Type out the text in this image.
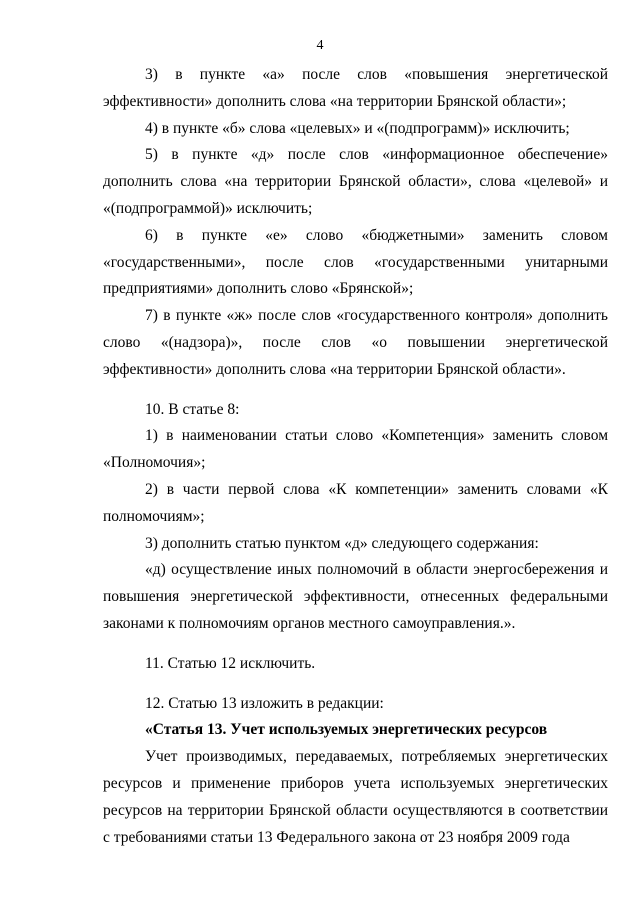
4

3) в пункте «а» после слов «повышения энергетической эффективности» дополнить слова «на территории Брянской области»;

4) в пункте «б» слова «целевых» и «(подпрограмм)» исключить;

5) в пункте «д» после слов «информационное обеспечение» дополнить слова «на территории Брянской области», слова «целевой» и «(подпрограммой)» исключить;

6) в пункте «е» слово «бюджетными» заменить словом «государственными», после слов «государственными унитарными предприятиями» дополнить слово «Брянской»;

7) в пункте «ж» после слов «государственного контроля» дополнить слово «(надзора)», после слов «о повышении энергетической эффективности» дополнить слова «на территории Брянской области».

10. В статье 8:

1) в наименовании статьи слово «Компетенция» заменить словом «Полномочия»;

2) в части первой слова «К компетенции» заменить словами «К полномочиям»;

3) дополнить статью пунктом «д» следующего содержания:

«д) осуществление иных полномочий в области энергосбережения и повышения энергетической эффективности, отнесенных федеральными законами к полномочиям органов местного самоуправления.».

11. Статью 12 исключить.

12. Статью 13 изложить в редакции:

«Статья 13. Учет используемых энергетических ресурсов

Учет производимых, передаваемых, потребляемых энергетических ресурсов и применение приборов учета используемых энергетических ресурсов на территории Брянской области осуществляются в соответствии с требованиями статьи 13 Федерального закона от 23 ноября 2009 года
